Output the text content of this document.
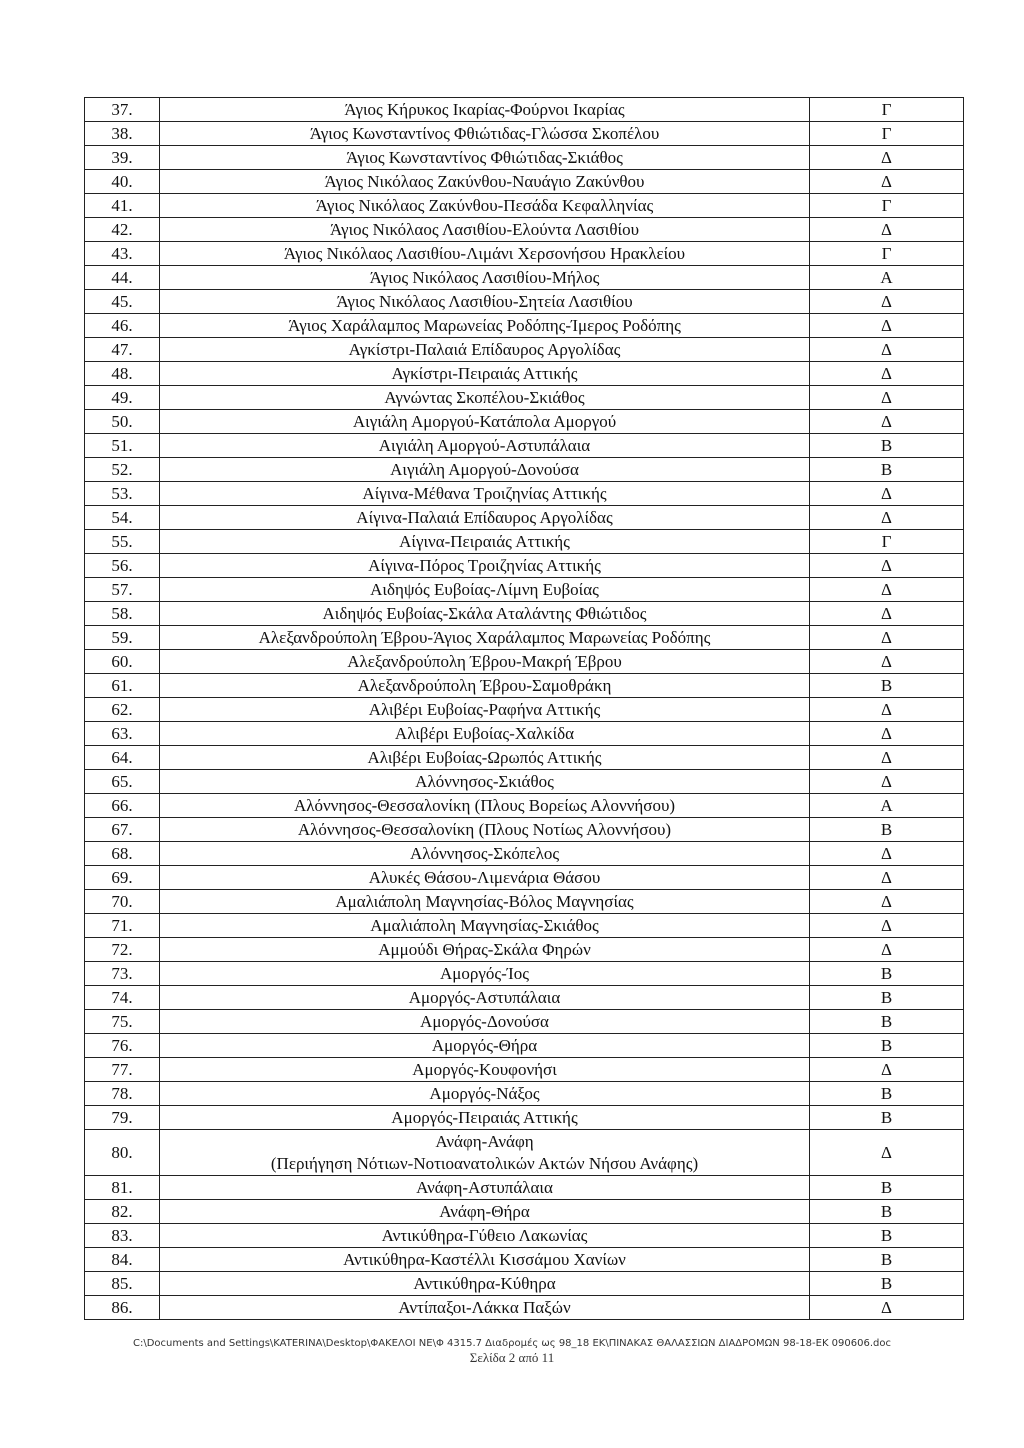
37.	Άγιος Κήρυκος Ικαρίας-Φούρνοι Ικαρίας	Γ
38.	Άγιος Κωνσταντίνος Φθιώτιδας-Γλώσσα Σκοπέλου	Γ
39.	Άγιος Κωνσταντίνος Φθιώτιδας-Σκιάθος	Δ
40.	Άγιος Νικόλαος Ζακύνθου-Ναυάγιο Ζακύνθου	Δ
41.	Άγιος Νικόλαος Ζακύνθου-Πεσάδα Κεφαλληνίας	Γ
42.	Άγιος Νικόλαος Λασιθίου-Ελούντα Λασιθίου	Δ
43.	Άγιος Νικόλαος Λασιθίου-Λιμάνι Χερσονήσου Ηρακλείου	Γ
44.	Άγιος Νικόλαος Λασιθίου-Μήλος	Α
45.	Άγιος Νικόλαος Λασιθίου-Σητεία Λασιθίου	Δ
46.	Άγιος Χαράλαμπος Μαρωνείας Ροδόπης-Ίμερος Ροδόπης	Δ
47.	Αγκίστρι-Παλαιά Επίδαυρος Αργολίδας	Δ
48.	Αγκίστρι-Πειραιάς Αττικής	Δ
49.	Αγνώντας Σκοπέλου-Σκιάθος	Δ
50.	Αιγιάλη Αμοργού-Κατάπολα Αμοργού	Δ
51.	Αιγιάλη Αμοργού-Αστυπάλαια	Β
52.	Αιγιάλη Αμοργού-Δονούσα	Β
53.	Αίγινα-Μέθανα Τροιζηνίας Αττικής	Δ
54.	Αίγινα-Παλαιά Επίδαυρος Αργολίδας	Δ
55.	Αίγινα-Πειραιάς Αττικής	Γ
56.	Αίγινα-Πόρος Τροιζηνίας Αττικής	Δ
57.	Αιδηψός Ευβοίας-Λίμνη Ευβοίας	Δ
58.	Αιδηψός Ευβοίας-Σκάλα Αταλάντης Φθιώτιδος	Δ
59.	Αλεξανδρούπολη Έβρου-Άγιος Χαράλαμπος Μαρωνείας Ροδόπης	Δ
60.	Αλεξανδρούπολη Έβρου-Μακρή Έβρου	Δ
61.	Αλεξανδρούπολη Έβρου-Σαμοθράκη	Β
62.	Αλιβέρι Ευβοίας-Ραφήνα Αττικής	Δ
63.	Αλιβέρι Ευβοίας-Χαλκίδα	Δ
64.	Αλιβέρι Ευβοίας-Ωρωπός Αττικής	Δ
65.	Αλόννησος-Σκιάθος	Δ
66.	Αλόννησος-Θεσσαλονίκη (Πλους Βορείως Αλοννήσου)	Α
67.	Αλόννησος-Θεσσαλονίκη (Πλους Νοτίως Αλοννήσου)	Β
68.	Αλόννησος-Σκόπελος	Δ
69.	Αλυκές Θάσου-Λιμενάρια Θάσου	Δ
70.	Αμαλιάπολη Μαγνησίας-Βόλος Μαγνησίας	Δ
71.	Αμαλιάπολη Μαγνησίας-Σκιάθος	Δ
72.	Αμμούδι Θήρας-Σκάλα Φηρών	Δ
73.	Αμοργός-Ίος	Β
74.	Αμοργός-Αστυπάλαια	Β
75.	Αμοργός-Δονούσα	Β
76.	Αμοργός-Θήρα	Β
77.	Αμοργός-Κουφονήσι	Δ
78.	Αμοργός-Νάξος	Β
79.	Αμοργός-Πειραιάς Αττικής	Β
80.	Ανάφη-Ανάφη
(Περιήγηση Νότιων-Νοτιοανατολικών Ακτών Νήσου Ανάφης)	Δ
81.	Ανάφη-Αστυπάλαια	Β
82.	Ανάφη-Θήρα	Β
83.	Αντικύθηρα-Γύθειο Λακωνίας	Β
84.	Αντικύθηρα-Καστέλλι Κισσάμου Χανίων	Β
85.	Αντικύθηρα-Κύθηρα	Β
86.	Αντίπαξοι-Λάκκα Παξών	Δ
C:\Documents and Settings\KATERINA\Desktop\ΦΑΚΕΛΟΙ ΝΕ\Φ 4315.7 Διαδρομές ως 98_18 ΕΚ\ΠΙΝΑΚΑΣ ΘΑΛΑΣΣΙΩΝ ΔΙΑΔΡΟΜΩΝ 98-18-ΕΚ 090606.doc
Σελίδα 2 από 11
